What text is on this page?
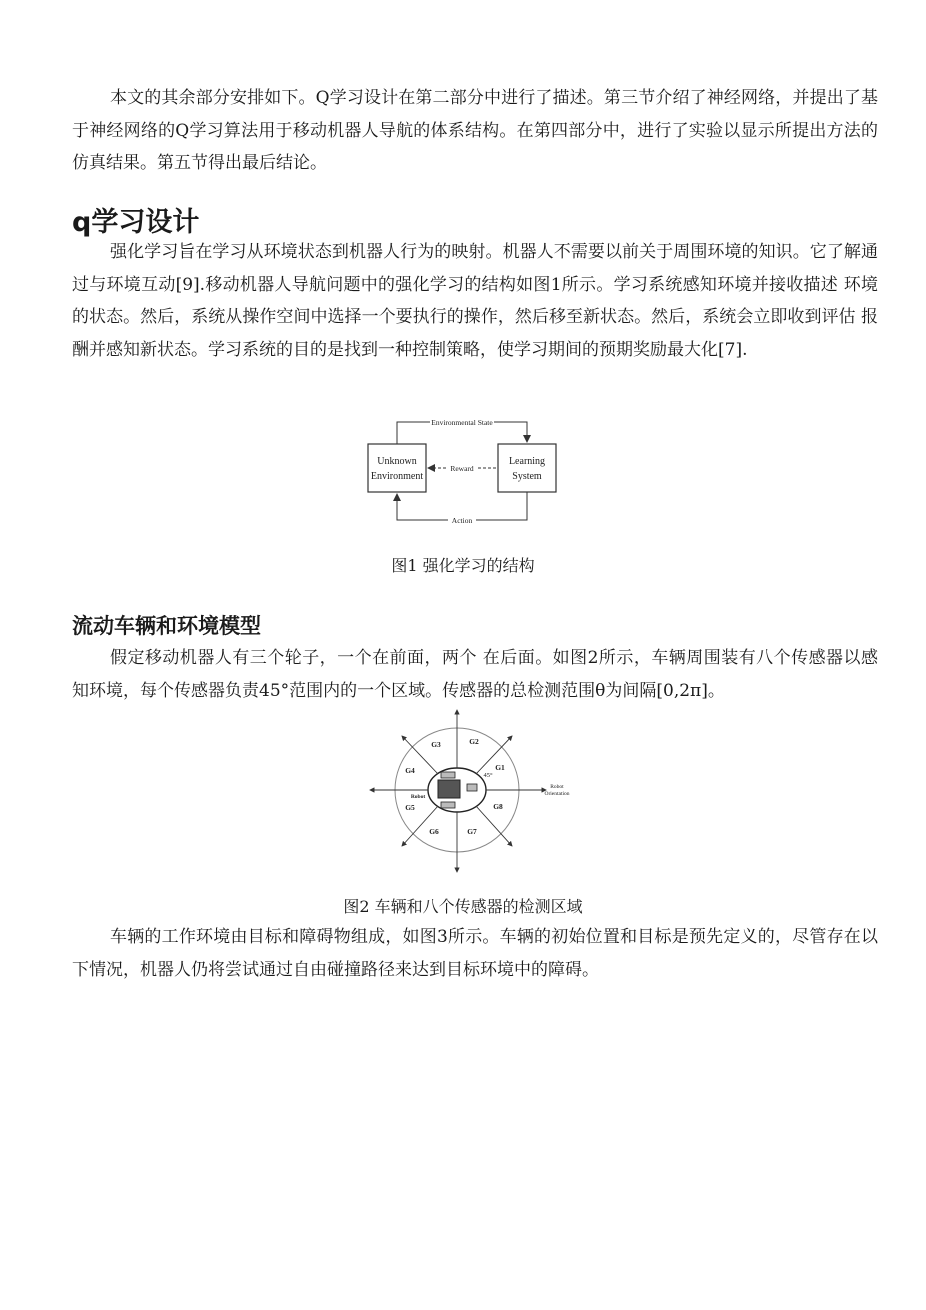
本文的其余部分安排如下。Q学习设计在第二部分中进行了描述。第三节介绍了神经网络，并提出了基于神经网络的Q学习算法用于移动机器人导航的体系结构。在第四部分中，进行了实验以显示所提出方法的仿真结果。第五节得出最后结论。

q学习设计

强化学习旨在学习从环境状态到机器人行为的映射。机器人不需要以前关于周围环境的知识。它了解通过与环境互动[9].移动机器人导航问题中的强化学习的结构如图1所示。学习系统感知环境并接收描述 环境的状态。然后，系统从操作空间中选择一个要执行的操作，然后移至新状态。然后，系统会立即收到评估 报酬并感知新状态。学习系统的目的是找到一种控制策略，使学习期间的预期奖励最大化[7].

Unknown
Environment
Learning
System
Environmental State
Reward
Action

图1 强化学习的结构

流动车辆和环境模型

假定移动机器人有三个轮子，一个在前面，两个 在后面。如图2所示，车辆周围装有八个传感器以感 知环境，每个传感器负责45°范围内的一个区域。传感器的总检测范围θ为间隔[0,2π]。

G1
G2
G3
G4
G5
G6	G7
G8
45°
Robot
Robot
Orientation

图2 车辆和八个传感器的检测区域

车辆的工作环境由目标和障碍物组成，如图3所示。车辆的初始位置和目标是预先定义的，尽管存在以下情况，机器人仍将尝试通过自由碰撞路径来达到目标环境中的障碍。
